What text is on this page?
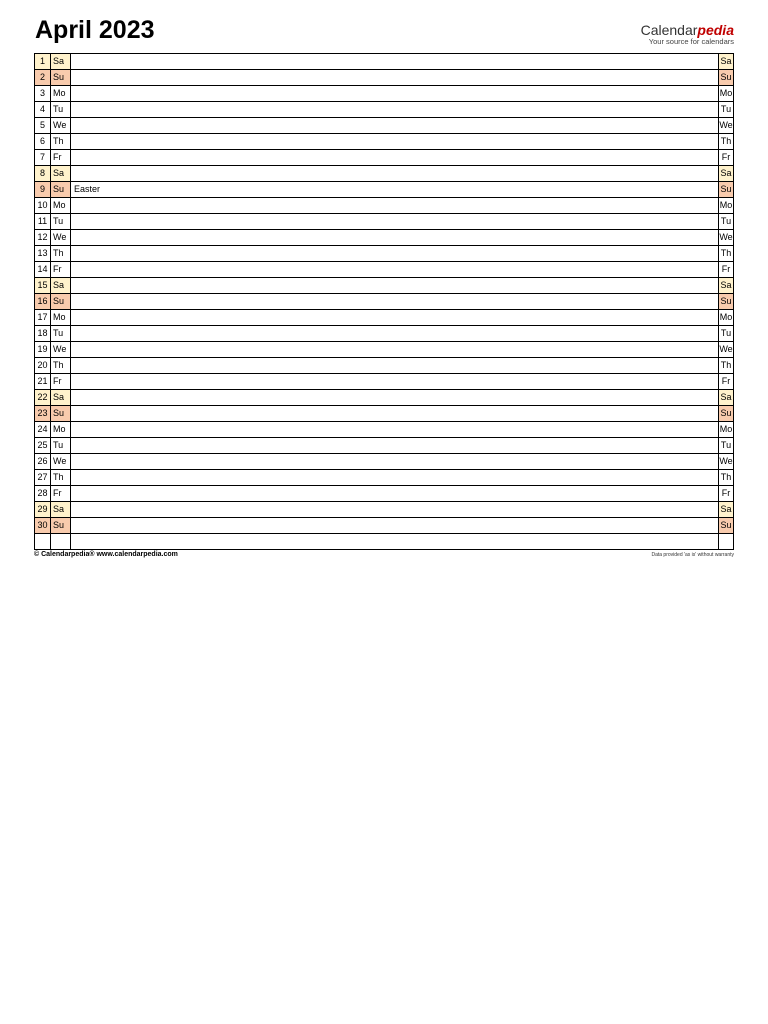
April 2023	Calendarpedia
Your source for calendars
1	Sa		Sa
2	Su		Su
3	Mo		Mo
4	Tu		Tu
5	We		We
6	Th		Th
7	Fr		Fr
8	Sa		Sa
9	Su	Easter	Su
10	Mo		Mo
11	Tu		Tu
12	We		We
13	Th		Th
14	Fr		Fr
15	Sa		Sa
16	Su		Su
17	Mo		Mo
18	Tu		Tu
19	We		We
20	Th		Th
21	Fr		Fr
22	Sa		Sa
23	Su		Su
24	Mo		Mo
25	Tu		Tu
26	We		We
27	Th		Th
28	Fr		Fr
29	Sa		Sa
30	Su		Su

© Calendarpedia® www.calendarpedia.com	Data provided 'as is' without warranty
